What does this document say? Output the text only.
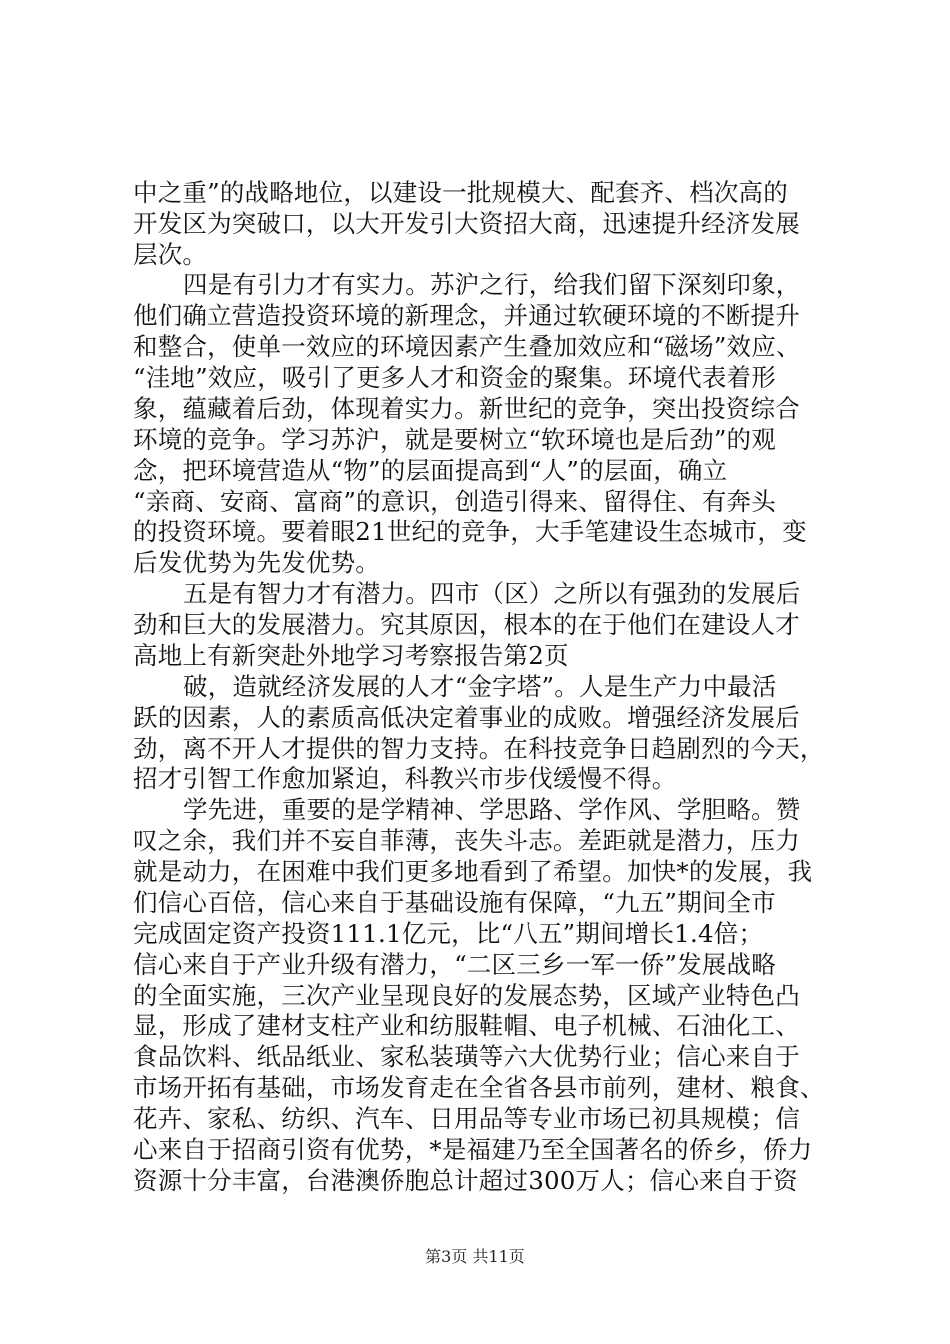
中之重”的战略地位，以建设一批规模大、配套齐、档次高的
开发区为突破口，以大开发引大资招大商，迅速提升经济发展
层次。
四是有引力才有实力。苏沪之行，给我们留下深刻印象，
他们确立营造投资环境的新理念，并通过软硬环境的不断提升
和整合，使单一效应的环境因素产生叠加效应和“磁场”效应、
“洼地”效应，吸引了更多人才和资金的聚集。环境代表着形
象，蕴藏着后劲，体现着实力。新世纪的竞争，突出投资综合
环境的竞争。学习苏沪，就是要树立“软环境也是后劲”的观
念，把环境营造从“物”的层面提高到“人”的层面，确立
“亲商、安商、富商”的意识，创造引得来、留得住、有奔头
的投资环境。要着眼21世纪的竞争，大手笔建设生态城市，变
后发优势为先发优势。
五是有智力才有潜力。四市（区）之所以有强劲的发展后
劲和巨大的发展潜力。究其原因，根本的在于他们在建设人才
高地上有新突赴外地学习考察报告第2页
破，造就经济发展的人才“金字塔”。人是生产力中最活
跃的因素，人的素质高低决定着事业的成败。增强经济发展后
劲，离不开人才提供的智力支持。在科技竞争日趋剧烈的今天，
招才引智工作愈加紧迫，科教兴市步伐缓慢不得。
学先进，重要的是学精神、学思路、学作风、学胆略。赞
叹之余，我们并不妄自菲薄，丧失斗志。差距就是潜力，压力
就是动力，在困难中我们更多地看到了希望。加快*的发展，我
们信心百倍，信心来自于基础设施有保障，“九五”期间全市
完成固定资产投资111.1亿元，比“八五”期间增长1.4倍；
信心来自于产业升级有潜力，“二区三乡一军一侨”发展战略
的全面实施，三次产业呈现良好的发展态势，区域产业特色凸
显，形成了建材支柱产业和纺服鞋帽、电子机械、石油化工、
食品饮料、纸品纸业、家私装璜等六大优势行业；信心来自于
市场开拓有基础，市场发育走在全省各县市前列，建材、粮食、
花卉、家私、纺织、汽车、日用品等专业市场已初具规模；信
心来自于招商引资有优势，*是福建乃至全国著名的侨乡，侨力
资源十分丰富，台港澳侨胞总计超过300万人；信心来自于资
第3页 共11页
